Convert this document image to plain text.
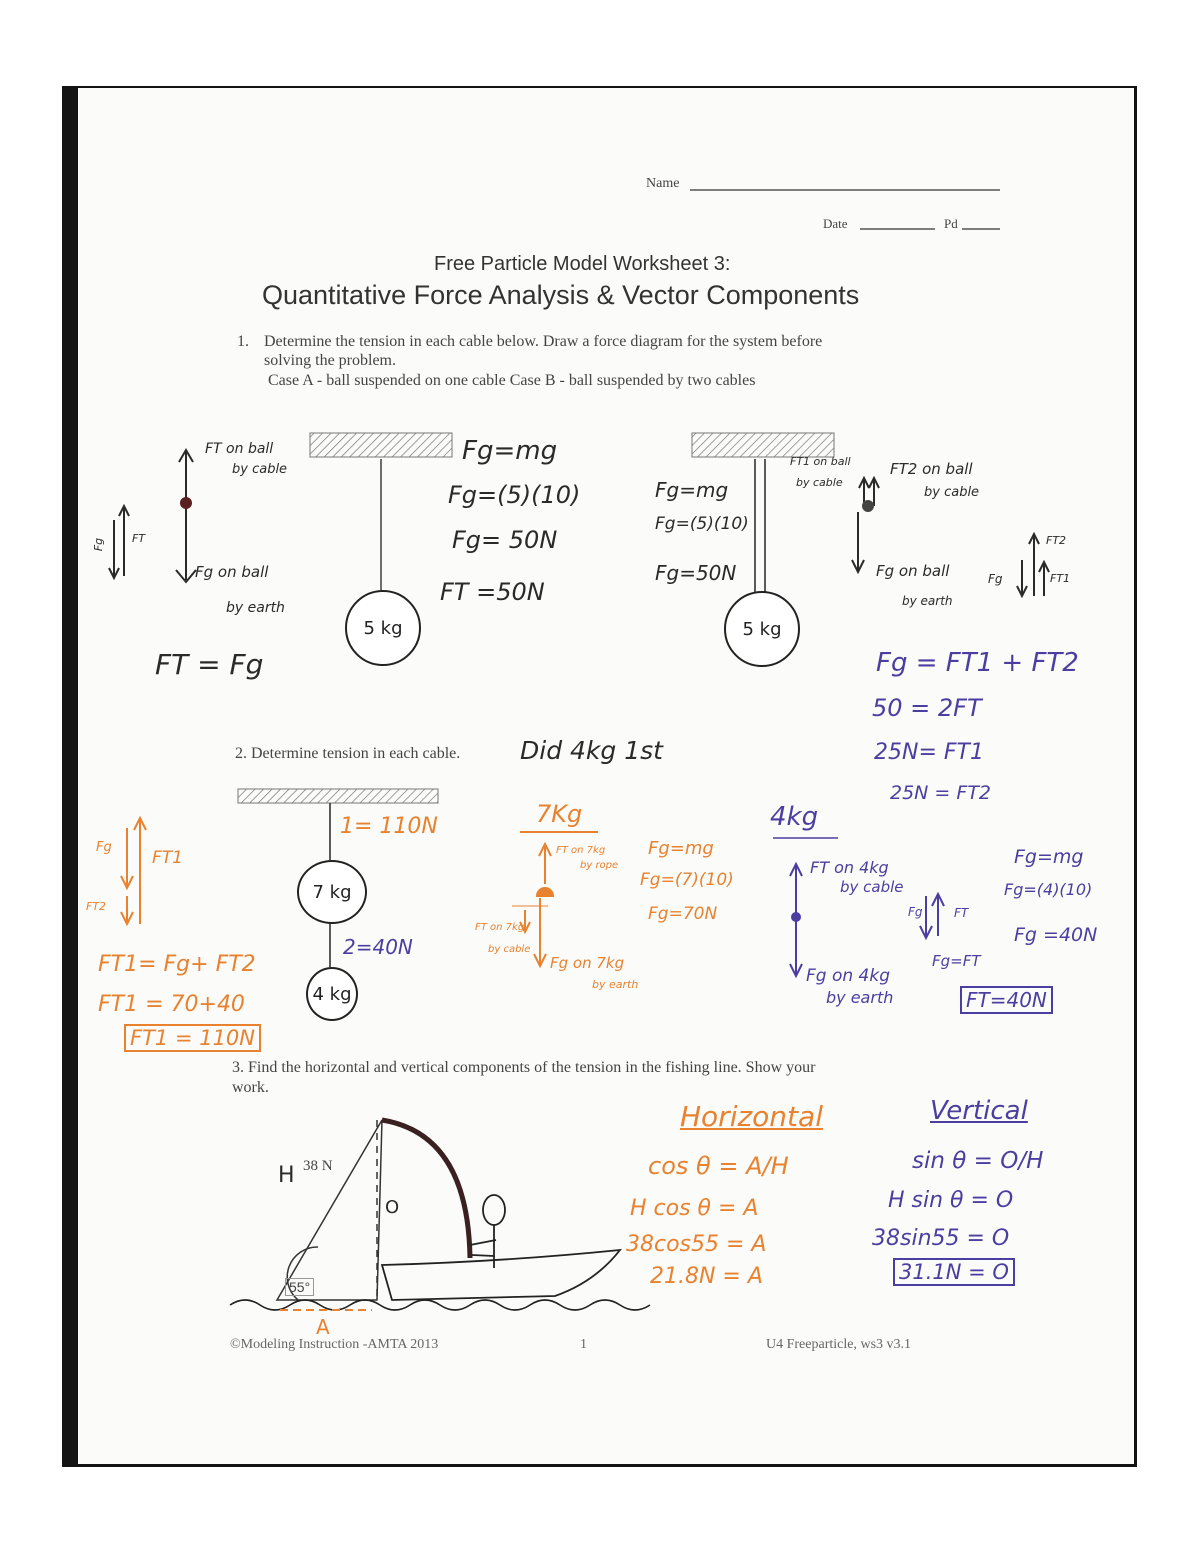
Name
Date	Pd
Free Particle Model Worksheet 3:
Quantitative Force Analysis & Vector Components
1. Determine the tension in each cable below. Draw a force diagram for the system before
solving the problem.
Case A - ball suspended on one cable Case B - ball suspended by two cables
5 kg
FT on ball
by cable
Fg on ball
by earth
Fg FT
FT = Fg
Fg=mg
Fg=(5)(10)
Fg= 50N
FT =50N
5 kg
Fg=mg
Fg=(5)(10)
Fg=50N
FT1 on ball
by cable
FT2 on ball
by cable
Fg on ball
by earth
Fg
FT2
FT1
Fg = FT1 + FT2
50 = 2FT
25N= FT1
25N = FT2
2. Determine tension in each cable. Did 4kg 1st
7 kg
4 kg
1= 110N
2=40N
Fg
FT1
FT2
FT1= Fg+ FT2
FT1 = 70+40
FT1 = 110N
7Kg
FT on 7kg
by rope
FT on 7kg
by cable
Fg on 7kg
by earth
Fg=mg
Fg=(7)(10)
Fg=70N
4kg
FT on 4kg
by cable
Fg on 4kg
by earth
Fg	FT
Fg=FT
Fg=mg
Fg=(4)(10)
Fg =40N
FT=40N
3. Find the horizontal and vertical components of the tension in the fishing line. Show your
work.
38 N
H
O
55°
A
Horizontal
cos θ = A/H
H cos θ = A
38cos55 = A
21.8N = A
Vertical
sin θ = O/H
H sin θ = O
38sin55 = O
31.1N = O
©Modeling Instruction -AMTA 2013	1	U4 Freeparticle, ws3 v3.1
